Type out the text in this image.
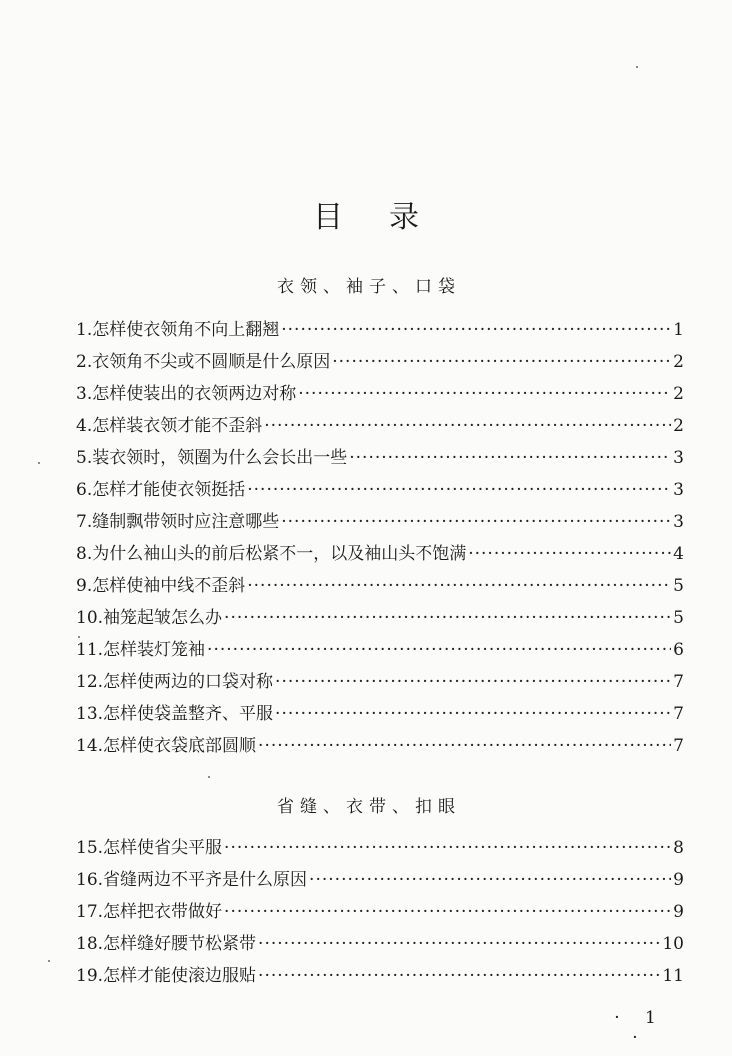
目录
衣领、袖子、口袋
1.怎样使衣领角不向上翻翘 ·····	1
2.衣领角不尖或不圆顺是什么原因 ·····	2
3.怎样使装出的衣领两边对称 ·····	2
4.怎样装衣领才能不歪斜 ·····	2
5.装衣领时，领圈为什么会长出一些 ·····	3
6.怎样才能使衣领挺括 ·····	3
7.缝制飘带领时应注意哪些 ·····	3
8.为什么袖山头的前后松紧不一，以及袖山头不饱满 ·····	4
9.怎样使袖中线不歪斜 ·····	5
10.袖笼起皱怎么办 ·····	5
11.怎样装灯笼袖 ·····	6
12.怎样使两边的口袋对称 ·····	7
13.怎样使袋盖整齐、平服 ·····	7
14.怎样使衣袋底部圆顺 ·····	7
省缝、衣带、扣眼
15.怎样使省尖平服 ·····	8
16.省缝两边不平齐是什么原因 ·····	9
17.怎样把衣带做好 ·····	9
18.怎样缝好腰节松紧带 ·····	10
19.怎样才能使滚边服贴 ·····	11
· 1 ·
